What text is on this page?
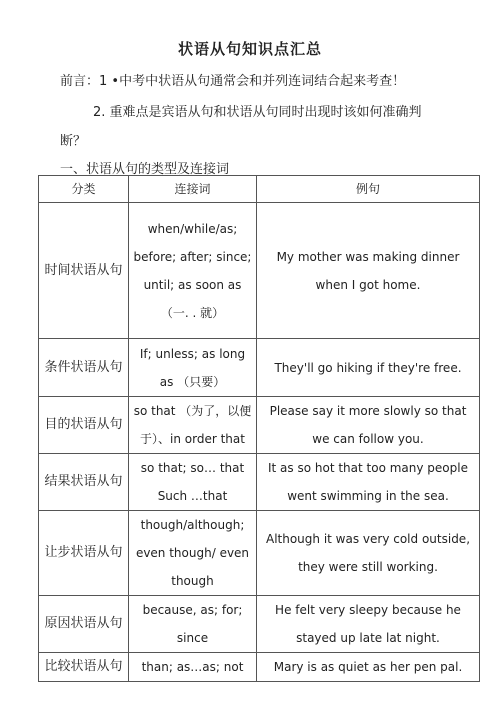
状语从句知识点汇总
前言：1 •中考中状语从句通常会和并列连词结合起来考查！
2. 重难点是宾语从句和状语从句同时出现时该如何准确判
断？
一、状语从句的类型及连接词
分类	连接词	例句
时间状语从句	when/while/as; before; after; since; until; as soon as （一. . 就）	My mother was making dinner when I got home.
条件状语从句	If; unless; as long as （只要）	They'll go hiking if they're free.
目的状语从句	so that （为了，以便于）、in order that	Please say it more slowly so that we can follow you.
结果状语从句	so that; so… that Such …that	It as so hot that too many people went swimming in the sea.
让步状语从句	though/although; even though/ even though	Although it was very cold outside, they were still working.
原因状语从句	because, as; for; since	He felt very sleepy because he stayed up late lat night.
比较状语从句	than; as…as; not	Mary is as quiet as her pen pal.
